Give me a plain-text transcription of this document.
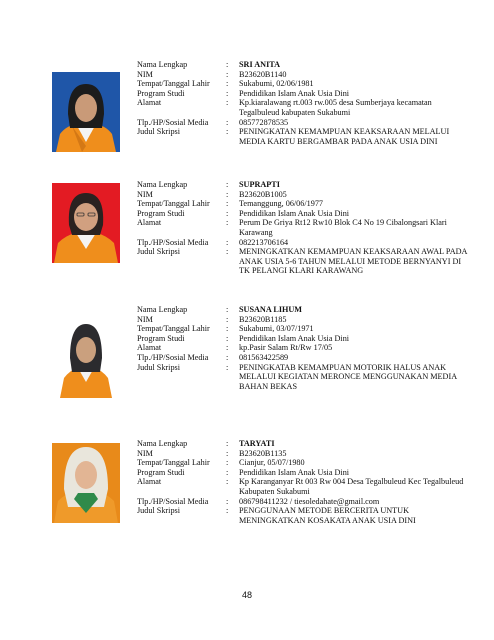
Nama Lengkap	:	SRI ANITA
NIM	:	B23620B1140
Tempat/Tanggal Lahir	:	Sukabumi, 02/06/1981
Program Studi	:	Pendidikan Islam Anak Usia Dini
Alamat	:	Kp.kiaralawang rt.003 rw.005 desa Sumberjaya kecamatan Tegalbuleud kabupaten Sukabumi
Tlp./HP/Sosial Media	:	085772878535
Judul Skripsi	:	PENINGKATAN KEMAMPUAN KEAKSARAAN MELALUI MEDIA KARTU BERGAMBAR PADA ANAK USIA DINI
Nama Lengkap	:	SUPRAPTI
NIM	:	B23620B1005
Tempat/Tanggal Lahir	:	Temanggung, 06/06/1977
Program Studi	:	Pendidikan Islam Anak Usia Dini
Alamat	:	Perum De Griya Rt12 Rw10 Blok C4 No 19 Cibalongsari Klari Karawang
Tlp./HP/Sosial Media	:	082213706164
Judul Skripsi	:	MENINGKATKAN KEMAMPUAN KEAKSARAAN AWAL PADA ANAK USIA 5-6 TAHUN MELALUI METODE BERNYANYI DI TK PELANGI KLARI KARAWANG
Nama Lengkap	:	SUSANA LIHUM
NIM	:	B23620B1185
Tempat/Tanggal Lahir	:	Sukabumi, 03/07/1971
Program Studi	:	Pendidikan Islam Anak Usia Dini
Alamat	:	kp.Pasir Salam Rt/Rw 17/05
Tlp./HP/Sosial Media	:	081563422589
Judul Skripsi	:	PENINGKATAB KEMAMPUAN MOTORIK HALUS ANAK MELALUI KEGIATAN MERONCE MENGGUNAKAN MEDIA BAHAN BEKAS
Nama Lengkap	:	TARYATI
NIM	:	B23620B1135
Tempat/Tanggal Lahir	:	Cianjur, 05/07/1980
Program Studi	:	Pendidikan Islam Anak Usia Dini
Alamat	:	Kp Karanganyar Rt 003 Rw 004 Desa Tegalbuleud Kec Tegalbuleud Kabupaten Sukabumi
Tlp./HP/Sosial Media	:	086798411232 / tiesoledahate@gmail.com
Judul Skripsi	:	PENGGUNAAN METODE BERCERITA UNTUK MENINGKATKAN KOSAKATA ANAK USIA DINI
48
